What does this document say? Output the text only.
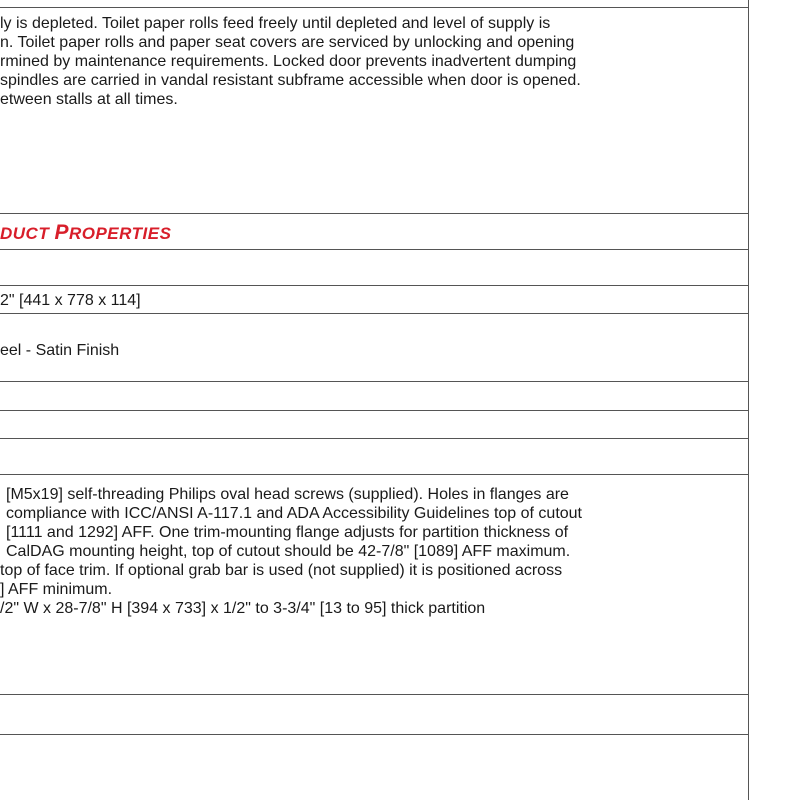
ly is depleted. Toilet paper rolls feed freely until depleted and level of supply is
n. Toilet paper rolls and paper seat covers are serviced by unlocking and opening
rmined by maintenance requirements. Locked door prevents inadvertent dumping
spindles are carried in vandal resistant subframe accessible when door is opened.
etween stalls at all times.
DUCT PROPERTIES
2" [441 x 778 x 114]
eel - Satin Finish
[M5x19] self-threading Philips oval head screws (supplied). Holes in flanges are
compliance with ICC/ANSI A-117.1 and ADA Accessibility Guidelines top of cutout
[1111 and 1292] AFF. One trim-mounting flange adjusts for partition thickness of
CalDAG mounting height, top of cutout should be 42-7/8" [1089] AFF maximum.
top of face trim. If optional grab bar is used (not supplied) it is positioned across
] AFF minimum.
/2" W x 28-7/8" H [394 x 733] x 1/2" to 3-3/4" [13 to 95] thick partition
